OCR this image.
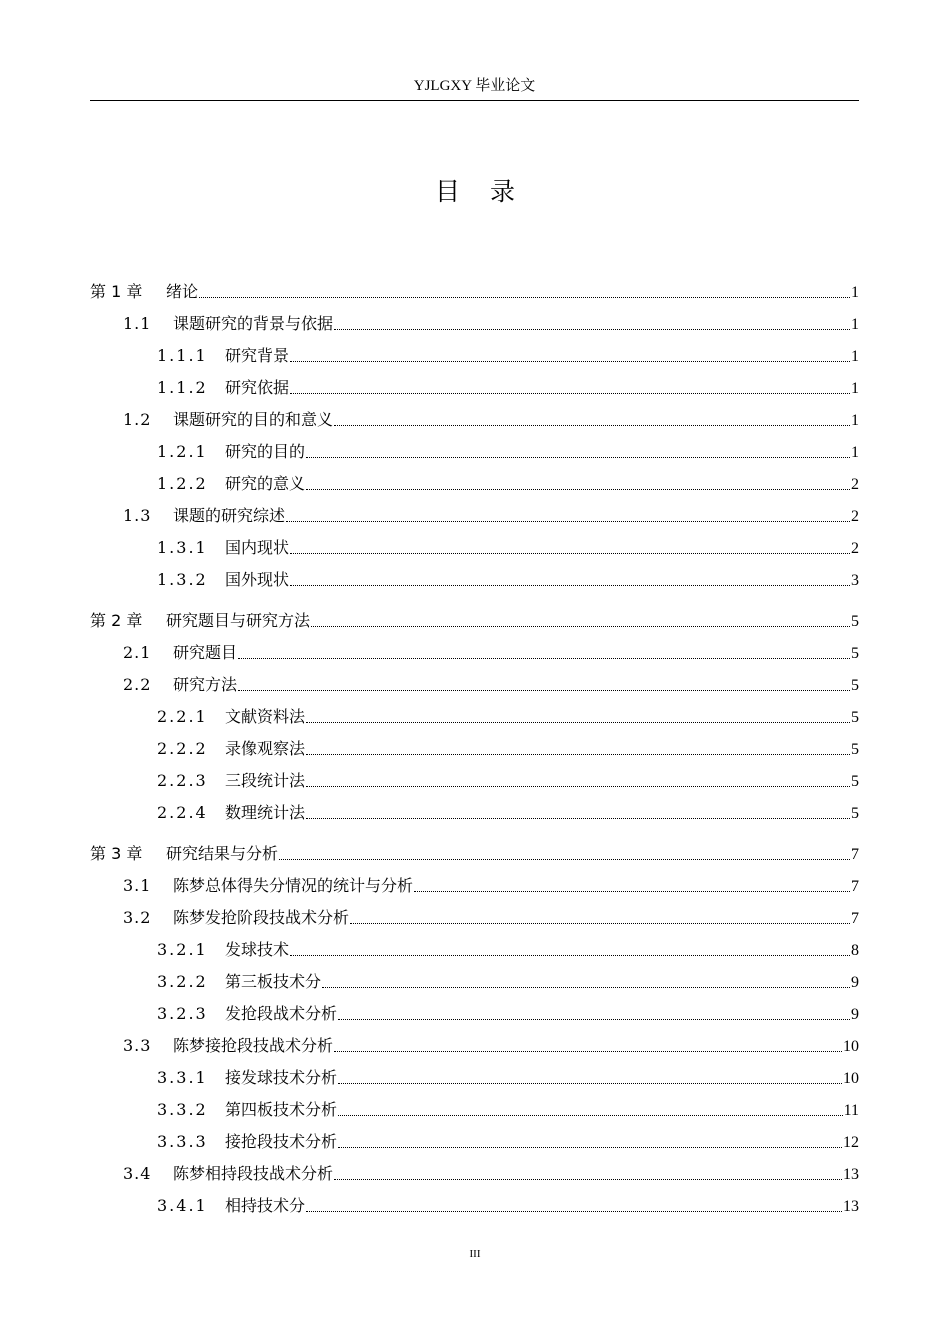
YJLGXY 毕业论文
目录
第 1 章	绪论	1
1.1	课题研究的背景与依据	1
1.1.1	研究背景	1
1.1.2	研究依据	1
1.2	课题研究的目的和意义	1
1.2.1	研究的目的	1
1.2.2	研究的意义	2
1.3	课题的研究综述	2
1.3.1	国内现状	2
1.3.2	国外现状	3
第 2 章	研究题目与研究方法	5
2.1	研究题目	5
2.2	研究方法	5
2.2.1	文献资料法	5
2.2.2	录像观察法	5
2.2.3	三段统计法	5
2.2.4	数理统计法	5
第 3 章	研究结果与分析	7
3.1	陈梦总体得失分情况的统计与分析	7
3.2	陈梦发抢阶段技战术分析	7
3.2.1	发球技术	8
3.2.2	第三板技术分	9
3.2.3	发抢段战术分析	9
3.3	陈梦接抢段技战术分析	10
3.3.1	接发球技术分析	10
3.3.2	第四板技术分析	11
3.3.3	接抢段技术分析	12
3.4	陈梦相持段技战术分析	13
3.4.1	相持技术分	13
III
